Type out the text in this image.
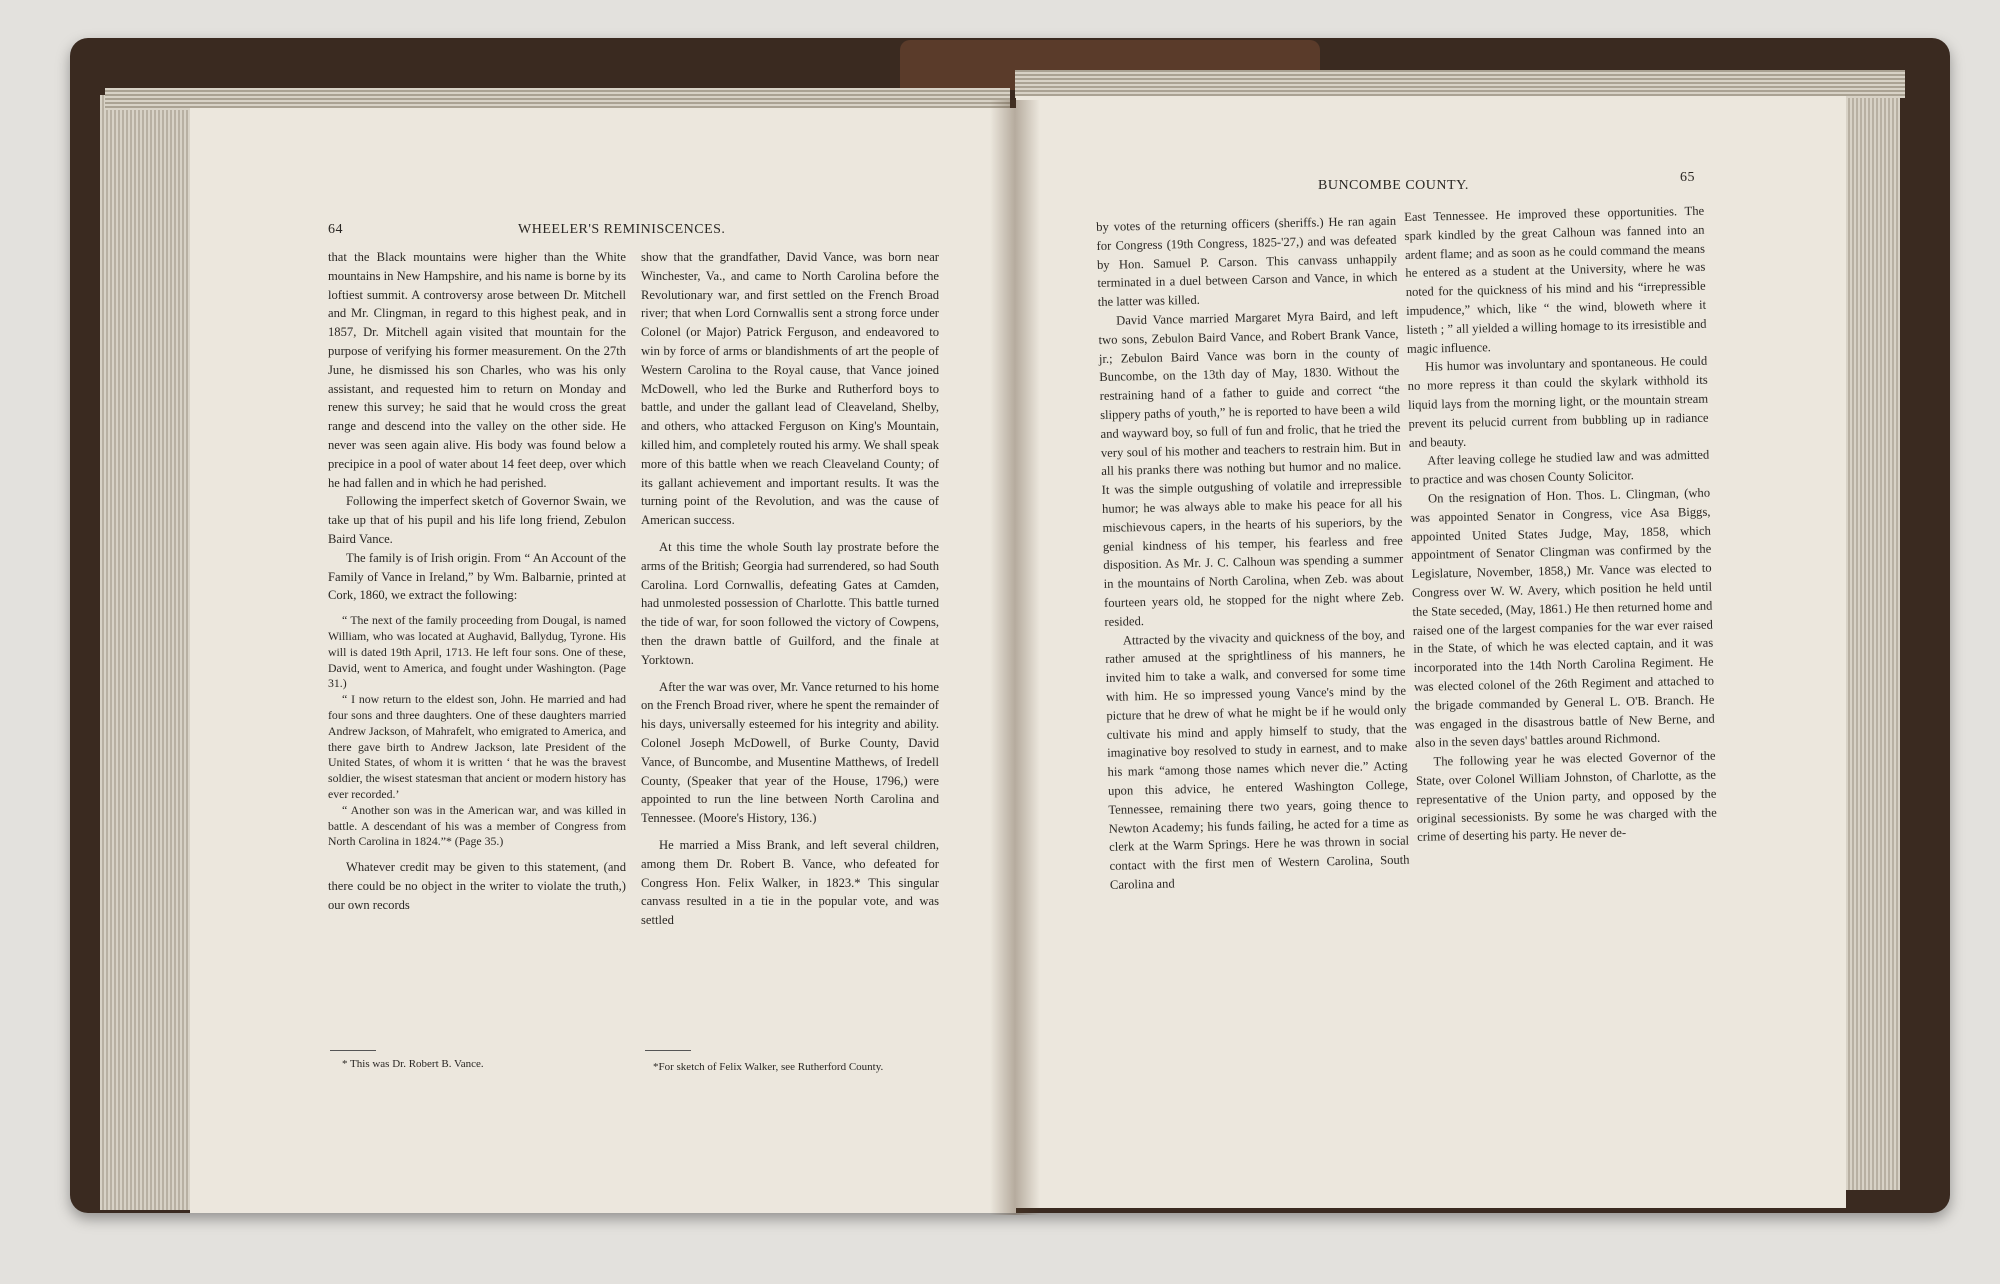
64	WHEELER'S REMINISCENCES.

that the Black mountains were higher than the White mountains in New Hampshire, and his name is borne by its loftiest summit. A controversy arose between Dr. Mitchell and Mr. Clingman, in regard to this highest peak, and in 1857, Dr. Mitchell again visited that mountain for the purpose of verifying his former measurement. On the 27th June, he dismissed his son Charles, who was his only assistant, and requested him to return on Monday and renew this survey; he said that he would cross the great range and descend into the valley on the other side. He never was seen again alive. His body was found below a precipice in a pool of water about 14 feet deep, over which he had fallen and in which he had perished.

Following the imperfect sketch of Governor Swain, we take up that of his pupil and his life long friend, Zebulon Baird Vance.

The family is of Irish origin. From “ An Account of the Family of Vance in Ireland,” by Wm. Balbarnie, printed at Cork, 1860, we extract the following:

“ The next of the family proceeding from Dougal, is named William, who was located at Aughavid, Ballydug, Tyrone. His will is dated 19th April, 1713. He left four sons. One of these, David, went to America, and fought under Washington. (Page 31.)

“ I now return to the eldest son, John. He married and had four sons and three daughters. One of these daughters married Andrew Jackson, of Mahrafelt, who emigrated to America, and there gave birth to Andrew Jackson, late President of the United States, of whom it is written ‘ that he was the bravest soldier, the wisest statesman that ancient or modern history has ever recorded.’

“ Another son was in the American war, and was killed in battle. A descendant of his was a member of Congress from North Carolina in 1824.”* (Page 35.)

Whatever credit may be given to this statement, (and there could be no object in the writer to violate the truth,) our own records

show that the grandfather, David Vance, was born near Winchester, Va., and came to North Carolina before the Revolutionary war, and first settled on the French Broad river; that when Lord Cornwallis sent a strong force under Colonel (or Major) Patrick Ferguson, and endeavored to win by force of arms or blandishments of art the people of Western Carolina to the Royal cause, that Vance joined McDowell, who led the Burke and Rutherford boys to battle, and under the gallant lead of Cleaveland, Shelby, and others, who attacked Ferguson on King's Mountain, killed him, and completely routed his army. We shall speak more of this battle when we reach Cleaveland County; of its gallant achievement and important results. It was the turning point of the Revolution, and was the cause of American success.

At this time the whole South lay prostrate before the arms of the British; Georgia had surrendered, so had South Carolina. Lord Cornwallis, defeating Gates at Camden, had unmolested possession of Charlotte. This battle turned the tide of war, for soon followed the victory of Cowpens, then the drawn battle of Guilford, and the finale at Yorktown.

After the war was over, Mr. Vance returned to his home on the French Broad river, where he spent the remainder of his days, universally esteemed for his integrity and ability. Colonel Joseph McDowell, of Burke County, David Vance, of Buncombe, and Musentine Matthews, of Iredell County, (Speaker that year of the House, 1796,) were appointed to run the line between North Carolina and Tennessee. (Moore's History, 136.)

He married a Miss Brank, and left several children, among them Dr. Robert B. Vance, who defeated for Congress Hon. Felix Walker, in 1823.* This singular canvass resulted in a tie in the popular vote, and was settled

* This was Dr. Robert B. Vance.	*For sketch of Felix Walker, see Rutherford County.
BUNCOMBE COUNTY.
65

by votes of the returning officers (sheriffs.) He ran again for Congress (19th Congress, 1825-'27,) and was defeated by Hon. Samuel P. Carson. This canvass unhappily terminated in a duel between Carson and Vance, in which the latter was killed.

David Vance married Margaret Myra Baird, and left two sons, Zebulon Baird Vance, and Robert Brank Vance, jr.; Zebulon Baird Vance was born in the county of Buncombe, on the 13th day of May, 1830. Without the restraining hand of a father to guide and correct “the slippery paths of youth,” he is reported to have been a wild and wayward boy, so full of fun and frolic, that he tried the very soul of his mother and teachers to restrain him. But in all his pranks there was nothing but humor and no malice. It was the simple outgushing of volatile and irrepressible humor; he was always able to make his peace for all his mischievous capers, in the hearts of his superiors, by the genial kindness of his temper, his fearless and free disposition. As Mr. J. C. Calhoun was spending a summer in the mountains of North Carolina, when Zeb. was about fourteen years old, he stopped for the night where Zeb. resided.

Attracted by the vivacity and quickness of the boy, and rather amused at the sprightliness of his manners, he invited him to take a walk, and conversed for some time with him. He so impressed young Vance's mind by the picture that he drew of what he might be if he would only cultivate his mind and apply himself to study, that the imaginative boy resolved to study in earnest, and to make his mark “among those names which never die.” Acting upon this advice, he entered Washington College, Tennessee, remaining there two years, going thence to Newton Academy; his funds failing, he acted for a time as clerk at the Warm Springs. Here he was thrown in social contact with the first men of Western Carolina, South Carolina and

East Tennessee. He improved these opportunities. The spark kindled by the great Calhoun was fanned into an ardent flame; and as soon as he could command the means he entered as a student at the University, where he was noted for the quickness of his mind and his “irrepressible impudence,” which, like “ the wind, bloweth where it listeth ; ” all yielded a willing homage to its irresistible and magic influence.

His humor was involuntary and spontaneous. He could no more repress it than could the skylark withhold its liquid lays from the morning light, or the mountain stream prevent its pelucid current from bubbling up in radiance and beauty.

After leaving college he studied law and was admitted to practice and was chosen County Solicitor.

On the resignation of Hon. Thos. L. Clingman, (who was appointed Senator in Congress, vice Asa Biggs, appointed United States Judge, May, 1858, which appointment of Senator Clingman was confirmed by the Legislature, November, 1858,) Mr. Vance was elected to Congress over W. W. Avery, which position he held until the State seceded, (May, 1861.) He then returned home and raised one of the largest companies for the war ever raised in the State, of which he was elected captain, and it was incorporated into the 14th North Carolina Regiment. He was elected colonel of the 26th Regiment and attached to the brigade commanded by General L. O'B. Branch. He was engaged in the disastrous battle of New Berne, and also in the seven days' battles around Richmond.

The following year he was elected Governor of the State, over Colonel William Johnston, of Charlotte, as the representative of the Union party, and opposed by the original secessionists. By some he was charged with the crime of deserting his party. He never de-
